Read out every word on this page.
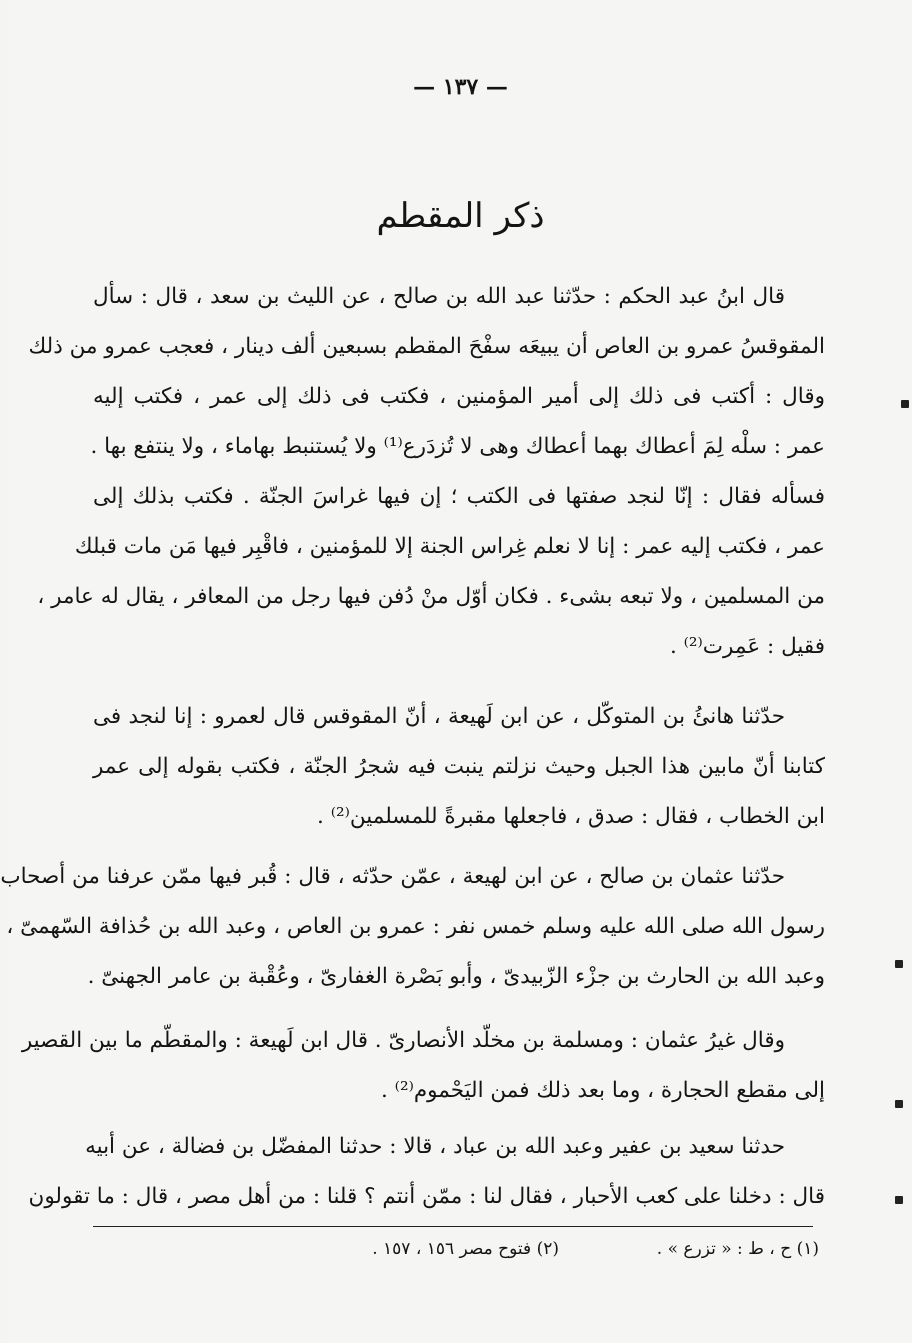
— ١٣٧ —
ذكر المقطم
قال ابنُ عبد الحكم : حدّثنا عبد الله بن صالح ، عن الليث بن سعد ، قال : سأل
المقوقسُ عمرو بن العاص أن يبيعَه سفْحَ المقطم بسبعين ألف دينار ، فعجب عمرو من ذلك
وقال : أكتب فى ذلك إلى أمير المؤمنين ، فكتب فى ذلك إلى عمر ، فكتب إليه
عمر : سلْه لِمَ أعطاك بهما أعطاك وهى لا تُزدَرع⁽¹⁾ ولا يُستنبط بهاماء ، ولا ينتفع بها .
فسأله فقال : إنّا لنجد صفتها فى الكتب ؛ إن فيها غراسَ الجنّة . فكتب بذلك إلى
عمر ، فكتب إليه عمر : إنا لا نعلم غِراس الجنة إلا للمؤمنين ، فاقْبِر فيها مَن مات قبلك
من المسلمين ، ولا تبعه بشىء . فكان أوّل منْ دُفن فيها رجل من المعافر ، يقال له عامر ،
فقيل : عَمِرت⁽²⁾ .
حدّثنا هانئُ بن المتوكّل ، عن ابن لَهيعة ، أنّ المقوقس قال لعمرو : إنا لنجد فى
كتابنا أنّ مابين هذا الجبل وحيث نزلتم ينبت فيه شجرُ الجنّة ، فكتب بقوله إلى عمر
ابن الخطاب ، فقال : صدق ، فاجعلها مقبرةً للمسلمين⁽²⁾ .
حدّثنا عثمان بن صالح ، عن ابن لهيعة ، عمّن حدّثه ، قال : قُبر فيها ممّن عرفنا من أصحاب
رسول الله صلى الله عليه وسلم خمس نفر : عمرو بن العاص ، وعبد الله بن حُذافة السّهمىّ ،
وعبد الله بن الحارث بن جزْء الزّبيدىّ ، وأبو بَصْرة الغفارىّ ، وعُقْبة بن عامر الجهنىّ .
وقال غيرُ عثمان : ومسلمة بن مخلّد الأنصارىّ . قال ابن لَهيعة : والمقطّم ما بين القصير
إلى مقطع الحجارة ، وما بعد ذلك فمن اليَحْموم⁽²⁾ .
حدثنا سعيد بن عفير وعبد الله بن عباد ، قالا : حدثنا المفضّل بن فضالة ، عن أبيه
قال : دخلنا على كعب الأحبار ، فقال لنا : ممّن أنتم ؟ قلنا : من أهل مصر ، قال : ما تقولون
(١) ح ، ط : « تزرع » .
(٢) فتوح مصر ١٥٦ ، ١٥٧ .
